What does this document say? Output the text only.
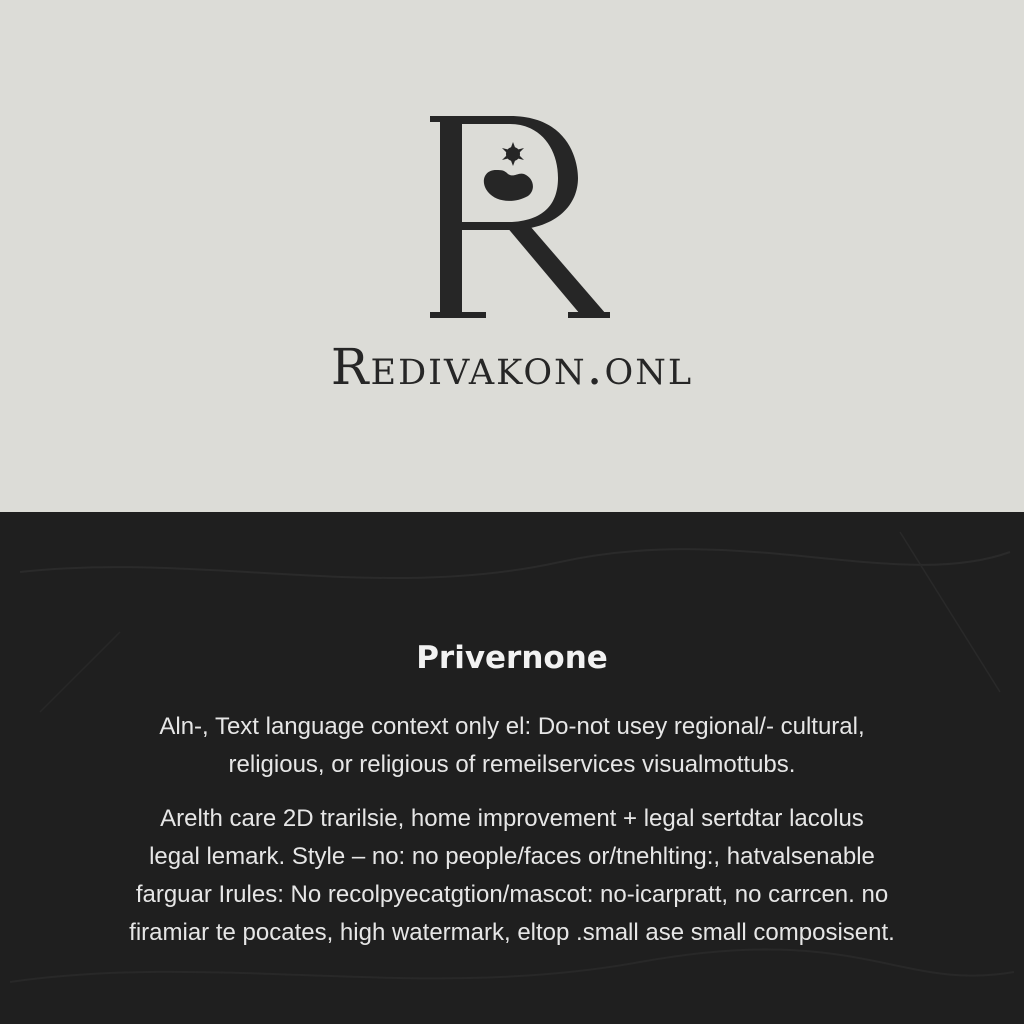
Redivakon.onl
Privernone
Aln-, Text language context only el: Do-not usey regional/- cultural,
religious, or religious of remeilservices visualmottubs.
Arelth care 2D trarilsie, home improvement + legal sertdtar lacolus
legal lemark. Style – no: no people/faces or/tnehlting:, hatvalsenable
farguar Irules: No recolpyecatgtion/mascot: no-icarpratt, no carrcen. no
firamiar te pocates, high watermark, eltop .small ase small composisent.
